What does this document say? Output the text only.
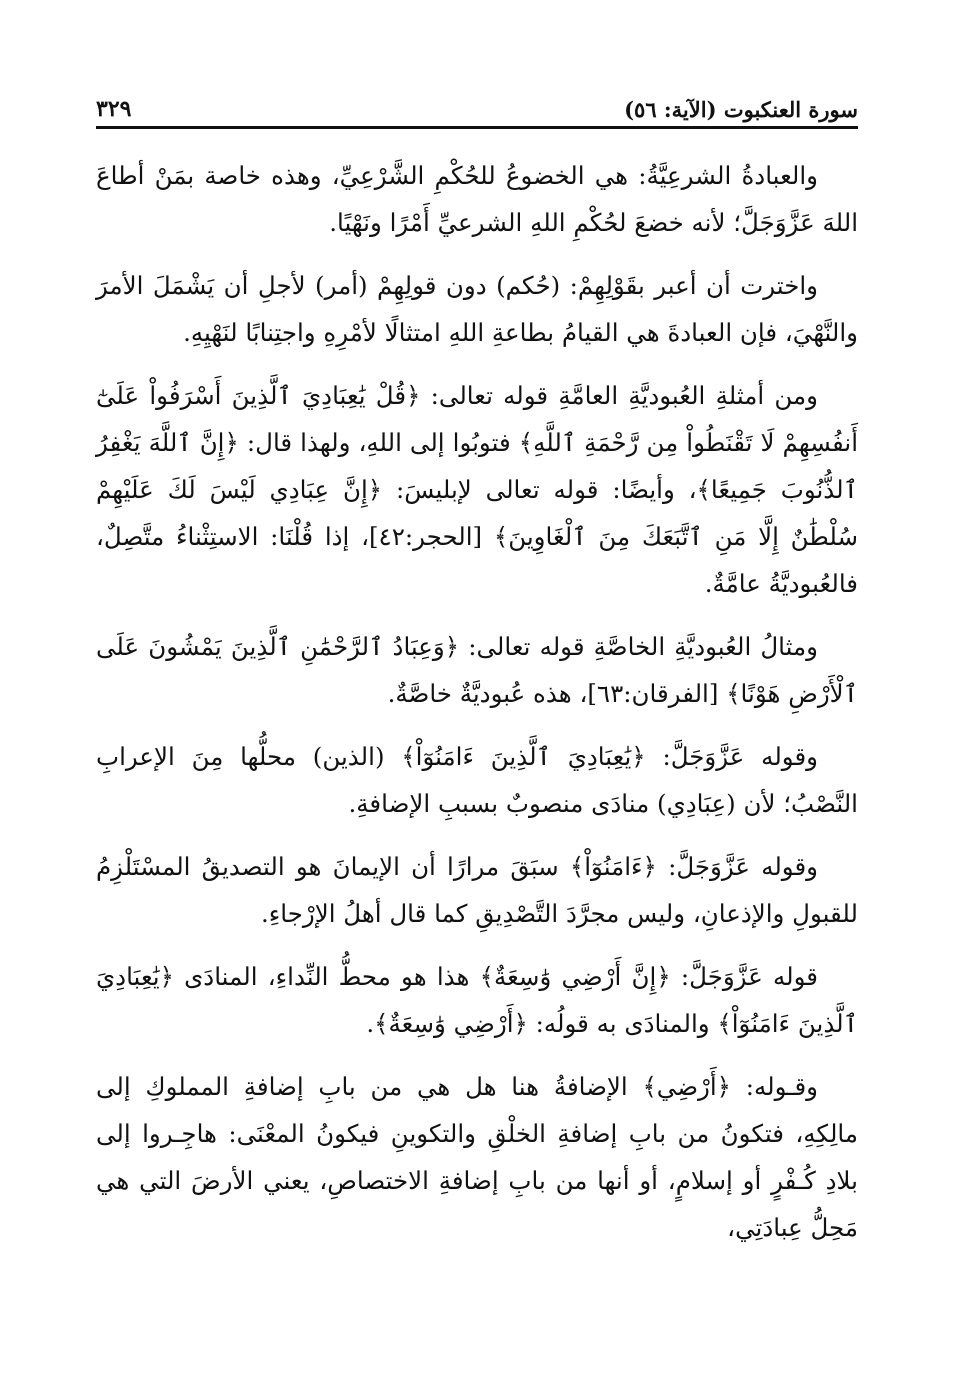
سورة العنكبوت (الآية: ٥٦)
٣٢٩

والعبادةُ الشرعِيَّةُ: هي الخضوعُ للحُكْمِ الشَّرْعِيِّ، وهذه خاصة بمَنْ أطاعَ اللهَ عَزَّوَجَلَّ؛ لأنه خضعَ لحُكْمِ اللهِ الشرعيِّ أَمْرًا ونَهْيًا.

واخترت أن أعبر بقَوْلِهِمْ: (حُكم) دون قولِهِمْ (أمر) لأجلِ أن يَشْمَلَ الأمرَ والنَّهْيَ، فإن العبادةَ هي القيامُ بطاعةِ اللهِ امتثالًا لأمْرِهِ واجتِنابًا لنَهْيِهِ.

ومن أمثلةِ العُبوديَّةِ العامَّةِ قوله تعالى: ﴿قُلْ يَٰعِبَادِيَ ٱلَّذِينَ أَسْرَفُواْ عَلَىٰٓ أَنفُسِهِمْ لَا تَقْنَطُواْ مِن رَّحْمَةِ ٱللَّهِ﴾ فتوبُوا إلى اللهِ، ولهذا قال: ﴿إِنَّ ٱللَّهَ يَغْفِرُ ٱلذُّنُوبَ جَمِيعًا﴾، وأيضًا: قوله تعالى لإبليسَ: ﴿إِنَّ عِبَادِي لَيْسَ لَكَ عَلَيْهِمْ سُلْطَٰنٌ إِلَّا مَنِ ٱتَّبَعَكَ مِنَ ٱلْغَاوِينَ﴾ [الحجر:٤٢]، إذا قُلْنَا: الاستِثْناءُ متَّصِلٌ، فالعُبوديَّةُ عامَّةٌ.

ومثالُ العُبوديَّةِ الخاصَّةِ قوله تعالى: ﴿وَعِبَادُ ٱلرَّحْمَٰنِ ٱلَّذِينَ يَمْشُونَ عَلَى ٱلْأَرْضِ هَوْنًا﴾ [الفرقان:٦٣]، هذه عُبوديَّةٌ خاصَّةٌ.

وقوله عَزَّوَجَلَّ: ﴿يَٰعِبَادِيَ ٱلَّذِينَ ءَامَنُوٓاْ﴾ (الذين) محلُّها مِنَ الإعرابِ النَّصْبُ؛ لأن (عِبَادِي) منادَى منصوبٌ بسببِ الإضافةِ.

وقوله عَزَّوَجَلَّ: ﴿ءَامَنُوٓاْ﴾ سبَقَ مرارًا أن الإيمانَ هو التصديقُ المسْتَلْزِمُ للقبولِ والإذعانِ، وليس مجرَّدَ التَّصْدِيقِ كما قال أهلُ الإرْجاءِ.

قوله عَزَّوَجَلَّ: ﴿إِنَّ أَرْضِي وَٰسِعَةٌ﴾ هذا هو محطُّ النِّداءِ، المنادَى ﴿يَٰعِبَادِيَ ٱلَّذِينَ ءَامَنُوٓاْ﴾ والمنادَى به قولُه: ﴿أَرْضِي وَٰسِعَةٌ﴾.

وقـوله: ﴿أَرْضِي﴾ الإضافةُ هنا هل هي من بابِ إضافةِ المملوكِ إلى مالِكِهِ، فتكونُ من بابِ إضافةِ الخلْقِ والتكوينِ فيكونُ المعْنَى: هاجِـروا إلى بلادِ كُـفْرٍ أو إسلامٍ، أو أنها من بابِ إضافةِ الاختصاصِ، يعني الأرضَ التي هي مَحِلُّ عِبادَتِي،
